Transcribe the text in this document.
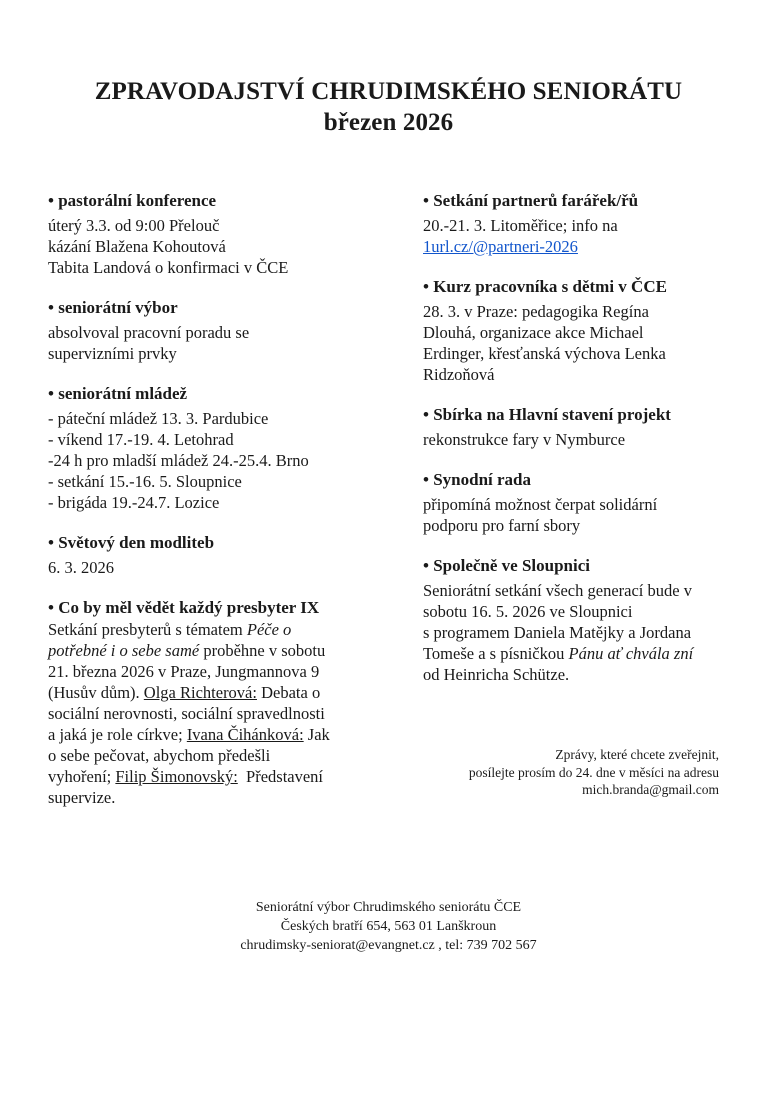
ZPRAVODAJSTVÍ CHRUDIMSKÉHO SENIORÁTU
březen 2026
• pastorální konference
úterý 3.3. od 9:00 Přelouč
kázání Blažena Kohoutová
Tabita Landová o konfirmaci v ČCE
• seniorátní výbor
absolvoval pracovní poradu se
supervizními prvky
• seniorátní mládež
- páteční mládež 13. 3. Pardubice
- víkend 17.-19. 4. Letohrad
-24 h pro mladší mládež 24.-25.4. Brno
- setkání 15.-16. 5. Sloupnice
- brigáda 19.-24.7. Lozice
• Světový den modliteb
6. 3. 2026
• Co by měl vědět každý presbyter IX
Setkání presbyterů s tématem Péče o
potřebné i o sebe samé proběhne v sobotu
21. března 2026 v Praze, Jungmannova 9
(Husův dům). Olga Richterová: Debata o
sociální nerovnosti, sociální spravedlnosti
a jaká je role církve; Ivana Čihánková: Jak
o sebe pečovat, abychom předešli
vyhoření; Filip Šimonovský:  Představení
supervize.
• Setkání partnerů farářek/řů
20.-21. 3. Litoměřice; info na
1url.cz/@partneri-2026
• Kurz pracovníka s dětmi v ČCE
28. 3. v Praze: pedagogika Regína
Dlouhá, organizace akce Michael
Erdinger, křesťanská výchova Lenka
Ridzoňová
• Sbírka na Hlavní stavení projekt
rekonstrukce fary v Nymburce
• Synodní rada
připomíná možnost čerpat solidární
podporu pro farní sbory
• Společně ve Sloupnici
Seniorátní setkání všech generací bude v
sobotu 16. 5. 2026 ve Sloupnici
s programem Daniela Matějky a Jordana
Tomeše a s písničkou Pánu ať chvála zní
od Heinricha Schütze.
Zprávy, které chcete zveřejnit,
posílejte prosím do 24. dne v měsíci na adresu
mich.branda@gmail.com
Seniorátní výbor Chrudimského seniorátu ČCE
Českých bratří 654, 563 01 Lanškroun
chrudimsky-seniorat@evangnet.cz , tel: 739 702 567
